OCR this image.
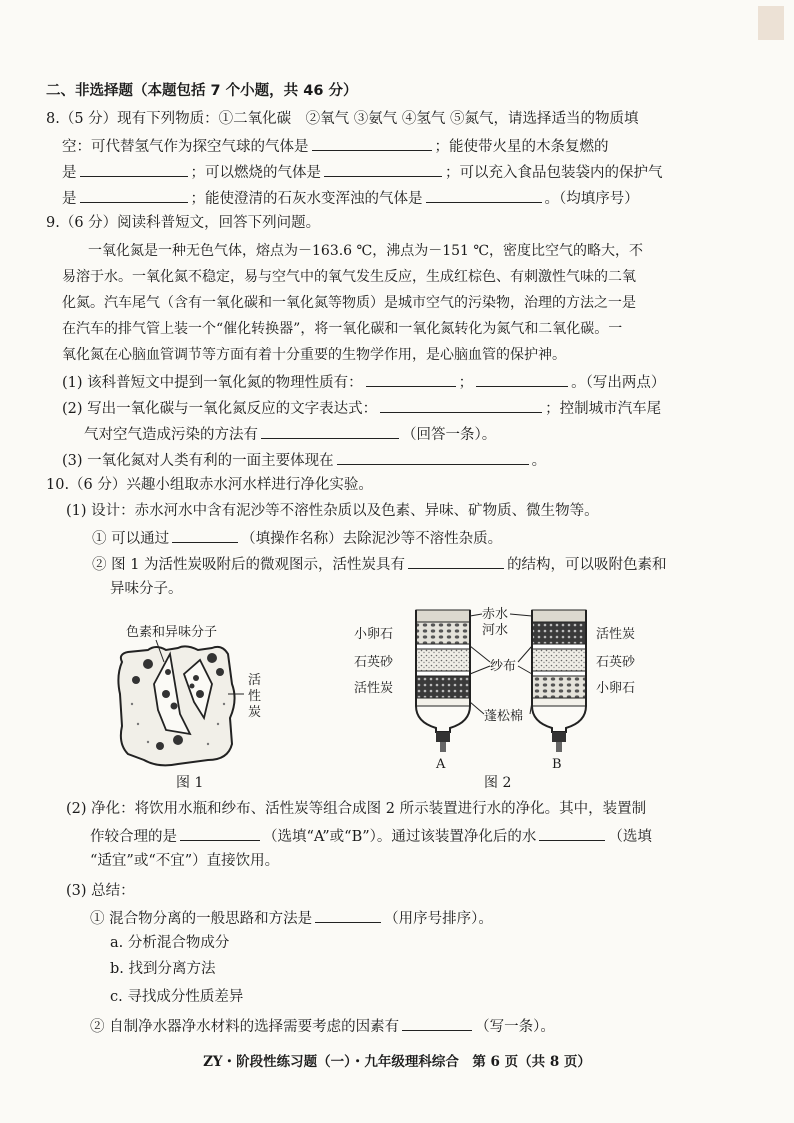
二、非选择题（本题包括 7 个小题，共 46 分）
8.（5 分）现有下列物质：①二氧化碳　②氧气 ③氨气 ④氢气 ⑤氮气，请选择适当的物质填
空：可代替氢气作为探空气球的气体是	；能使带火星的木条复燃的
是	；可以燃烧的气体是	；可以充入食品包装袋内的保护气
是	；能使澄清的石灰水变浑浊的气体是	。（均填序号）
9.（6 分）阅读科普短文，回答下列问题。
一氧化氮是一种无色气体，熔点为－163.6 ℃，沸点为－151 ℃，密度比空气的略大，不
易溶于水。一氧化氮不稳定，易与空气中的氧气发生反应，生成红棕色、有刺激性气味的二氧
化氮。汽车尾气（含有一氧化碳和一氧化氮等物质）是城市空气的污染物，治理的方法之一是
在汽车的排气管上装一个“催化转换器”，将一氧化碳和一氧化氮转化为氮气和二氧化碳。一
氧化氮在心脑血管调节等方面有着十分重要的生物学作用，是心脑血管的保护神。
(1) 该科普短文中提到一氧化氮的物理性质有：	；	。（写出两点）
(2) 写出一氧化碳与一氧化氮反应的文字表达式：	；控制城市汽车尾
气对空气造成污染的方法有	（回答一条）。
(3) 一氧化氮对人类有利的一面主要体现在	。
10.（6 分）兴趣小组取赤水河水样进行净化实验。
(1) 设计：赤水河水中含有泥沙等不溶性杂质以及色素、异味、矿物质、微生物等。
① 可以通过	（填操作名称）去除泥沙等不溶性杂质。
② 图 1 为活性炭吸附后的微观图示，活性炭具有	的结构，可以吸附色素和
异味分子。
色素和异味分子
活
性
炭
图 1
赤水
河水
小卵石
石英砂
活性炭
纱布
活性炭
石英砂
小卵石
蓬松棉
A	B
图 2
(2) 净化：将饮用水瓶和纱布、活性炭等组合成图 2 所示装置进行水的净化。其中，装置制
作较合理的是	（选填“A”或“B”）。通过该装置净化后的水	（选填
“适宜”或“不宜”）直接饮用。
(3) 总结：
① 混合物分离的一般思路和方法是	（用序号排序）。
a. 分析混合物成分
b. 找到分离方法
c. 寻找成分性质差异
② 自制净水器净水材料的选择需要考虑的因素有	（写一条）。
ZY・阶段性练习题（一）・九年级理科综合　第 6 页（共 8 页）
